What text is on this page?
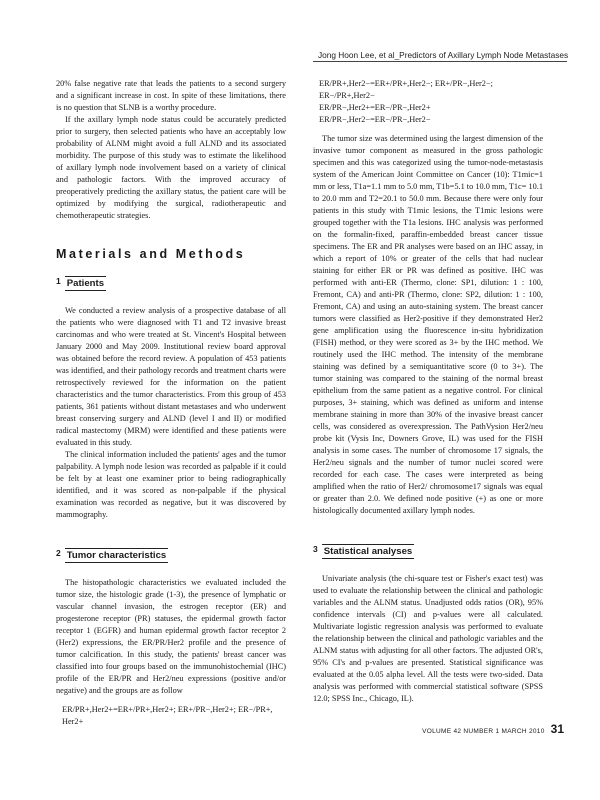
Jong Hoon Lee, et al_Predictors of Axillary Lymph Node Metastases

20% false negative rate that leads the patients to a second surgery and a significant increase in cost. In spite of these limitations, there is no question that SLNB is a worthy procedure.

If the axillary lymph node status could be accurately predicted prior to surgery, then selected patients who have an acceptably low probability of ALNM might avoid a full ALND and its associated morbidity. The purpose of this study was to estimate the likelihood of axillary lymph node involvement based on a variety of clinical and pathologic factors. With the improved accuracy of preoperatively predicting the axillary status, the patient care will be optimized by modifying the surgical, radiotherapeutic and chemotherapeutic strategies.

Materials and Methods
1 Patients

We conducted a review analysis of a prospective database of all the patients who were diagnosed with T1 and T2 invasive breast carcinomas and who were treated at St. Vincent's Hospital between January 2000 and May 2009. Institutional review board approval was obtained before the record review. A population of 453 patients was identified, and their pathology records and treatment charts were retrospectively reviewed for the information on the patient characteristics and the tumor characteristics. From this group of 453 patients, 361 patients without distant metastases and who underwent breast conserving surgery and ALND (level I and II) or modified radical mastectomy (MRM) were identified and these patients were evaluated in this study.

The clinical information included the patients' ages and the tumor palpability. A lymph node lesion was recorded as palpable if it could be felt by at least one examiner prior to being radiographically identified, and it was scored as non-palpable if the physical examination was recorded as negative, but it was discovered by mammography.

2 Tumor characteristics

The histopathologic characteristics we evaluated included the tumor size, the histologic grade (1-3), the presence of lymphatic or vascular channel invasion, the estrogen receptor (ER) and progesterone receptor (PR) statuses, the epidermal growth factor receptor 1 (EGFR) and human epidermal growth factor receptor 2 (Her2) expressions, the ER/PR/Her2 profile and the presence of tumor calcification. In this study, the patients' breast cancer was classified into four groups based on the immunohistochemial (IHC) profile of the ER/PR and Her2/neu expressions (positive and/or negative) and the groups are as follow

ER/PR+,Her2+=ER+/PR+,Her2+; ER+/PR−,Her2+; ER−/PR+, Her2+

ER/PR+,Her2−=ER+/PR+,Her2−; ER+/PR−,Her2−; ER−/PR+,Her2−

ER/PR−,Her2+=ER−/PR−,Her2+

ER/PR−,Her2−=ER−/PR−,Her2−

The tumor size was determined using the largest dimension of the invasive tumor component as measured in the gross pathologic specimen and this was categorized using the tumor-node-metastasis system of the American Joint Committee on Cancer (10): T1mic=1 mm or less, T1a=1.1 mm to 5.0 mm, T1b=5.1 to 10.0 mm, T1c= 10.1 to 20.0 mm and T2=20.1 to 50.0 mm. Because there were only four patients in this study with T1mic lesions, the T1mic lesions were grouped together with the T1a lesions. IHC analysis was performed on the formalin-fixed, paraffin-embedded breast cancer tissue specimens. The ER and PR analyses were based on an IHC assay, in which a report of 10% or greater of the cells that had nuclear staining for either ER or PR was defined as positive. IHC was performed with anti-ER (Thermo, clone: SP1, dilution: 1 : 100, Fremont, CA) and anti-PR (Thermo, clone: SP2, dilution: 1 : 100, Fremont, CA) and using an auto-staining system. The breast cancer tumors were classified as Her2-positive if they demonstrated Her2 gene amplification using the fluorescence in-situ hybridization (FISH) method, or they were scored as 3+ by the IHC method. We routinely used the IHC method. The intensity of the membrane staining was defined by a semiquantitative score (0 to 3+). The tumor staining was compared to the staining of the normal breast epithelium from the same patient as a negative control. For clinical purposes, 3+ staining, which was defined as uniform and intense membrane staining in more than 30% of the invasive breast cancer cells, was considered as overexpression. The PathVysion Her2/neu probe kit (Vysis Inc, Downers Grove, IL) was used for the FISH analysis in some cases. The number of chromosome 17 signals, the Her2/neu signals and the number of tumor nuclei scored were recorded for each case. The cases were interpreted as being amplified when the ratio of Her2/ chromosome17 signals was equal or greater than 2.0. We defined node positive (+) as one or more histologically documented axillary lymph nodes.

3 Statistical analyses

Univariate analysis (the chi-square test or Fisher's exact test) was used to evaluate the relationship between the clinical and pathologic variables and the ALNM status. Unadjusted odds ratios (OR), 95% confidence intervals (CI) and p-values were all calculated. Multivariate logistic regression analysis was performed to evaluate the relationship between the clinical and pathologic variables and the ALNM status with adjusting for all other factors. The adjusted OR's, 95% CI's and p-values are presented. Statistical significance was evaluated at the 0.05 alpha level. All the tests were two-sided. Data analysis was performed with commercial statistical software (SPSS 12.0; SPSS Inc., Chicago, IL).

VOLUME 42 NUMBER 1 MARCH 2010 31
